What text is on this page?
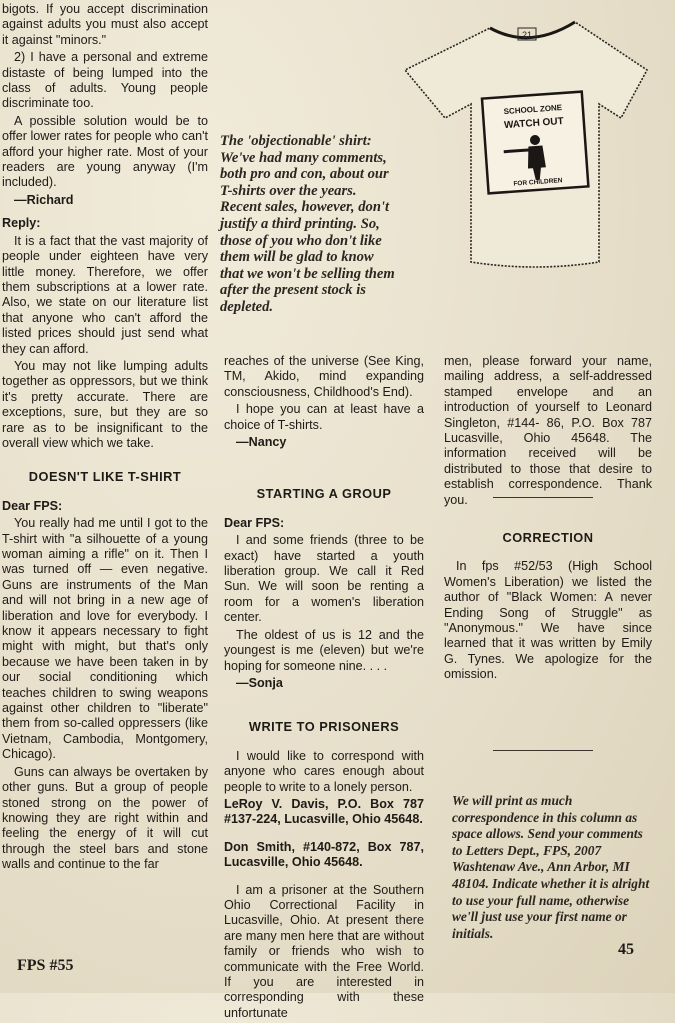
bigots. If you accept discrimination against adults you must also accept it against "minors."

2) I have a personal and extreme distaste of being lumped into the class of adults. Young people discriminate too.

A possible solution would be to offer lower rates for people who can't afford your higher rate. Most of your readers are young anyway (I'm included).

—Richard

Reply:

It is a fact that the vast majority of people under eighteen have very little money. Therefore, we offer them subscriptions at a lower rate. Also, we state on our literature list that anyone who can't afford the listed prices should just send what they can afford.

You may not like lumping adults together as oppressors, but we think it's pretty accurate. There are exceptions, sure, but they are so rare as to be insignificant to the overall view which we take.

DOESN'T LIKE T-SHIRT

Dear FPS:

You really had me until I got to the T-shirt with "a silhouette of a young woman aiming a rifle" on it. Then I was turned off — even negative. Guns are instruments of the Man and will not bring in a new age of liberation and love for everybody. I know it appears necessary to fight might with might, but that's only because we have been taken in by our social conditioning which teaches children to swing weapons against other children to "liberate" them from so-called oppressers (like Vietnam, Cambodia, Montgomery, Chicago).

Guns can always be overtaken by other guns. But a group of people stoned strong on the power of knowing they are right within and feeling the energy of it will cut through the steel bars and stone walls and continue to the far

The 'objectionable' shirt: We've had many comments, both pro and con, about our T-shirts over the years. Recent sales, however, don't justify a third printing. So, those of you who don't like them will be glad to know that we won't be selling them after the present stock is depleted.

21
SCHOOL ZONE
WATCH OUT
FOR CHILDREN

reaches of the universe (See King, TM, Akido, mind expanding consciousness, Childhood's End).

I hope you can at least have a choice of T-shirts.

—Nancy

STARTING A GROUP

Dear FPS:

I and some friends (three to be exact) have started a youth liberation group. We call it Red Sun. We will soon be renting a room for a women's liberation center.

The oldest of us is 12 and the youngest is me (eleven) but we're hoping for someone nine. . . .

—Sonja

WRITE TO PRISONERS

I would like to correspond with anyone who cares enough about people to write to a lonely person.

LeRoy V. Davis, P.O. Box 787 #137-224, Lucasville, Ohio 45648.

Don Smith, #140-872, Box 787, Lucasville, Ohio 45648.

I am a prisoner at the Southern Ohio Correctional Facility in Lucasville, Ohio. At present there are many men here that are without family or friends who wish to communicate with the Free World. If you are interested in corresponding with these unfortunate

men, please forward your name, mailing address, a self-addressed stamped envelope and an introduction of yourself to Leonard Singleton, #144- 86, P.O. Box 787 Lucasville, Ohio 45648. The information received will be distributed to those that desire to establish correspondence. Thank you.

CORRECTION

In fps #52/53 (High School Women's Liberation) we listed the author of "Black Women: A never Ending Song of Struggle" as "Anonymous." We have since learned that it was written by Emily G. Tynes. We apologize for the omission.

We will print as much correspondence in this column as space allows. Send your comments to Letters Dept., FPS, 2007 Washtenaw Ave., Ann Arbor, MI 48104. Indicate whether it is alright to use your full name, otherwise we'll just use your first name or initials.
FPS #55
45
